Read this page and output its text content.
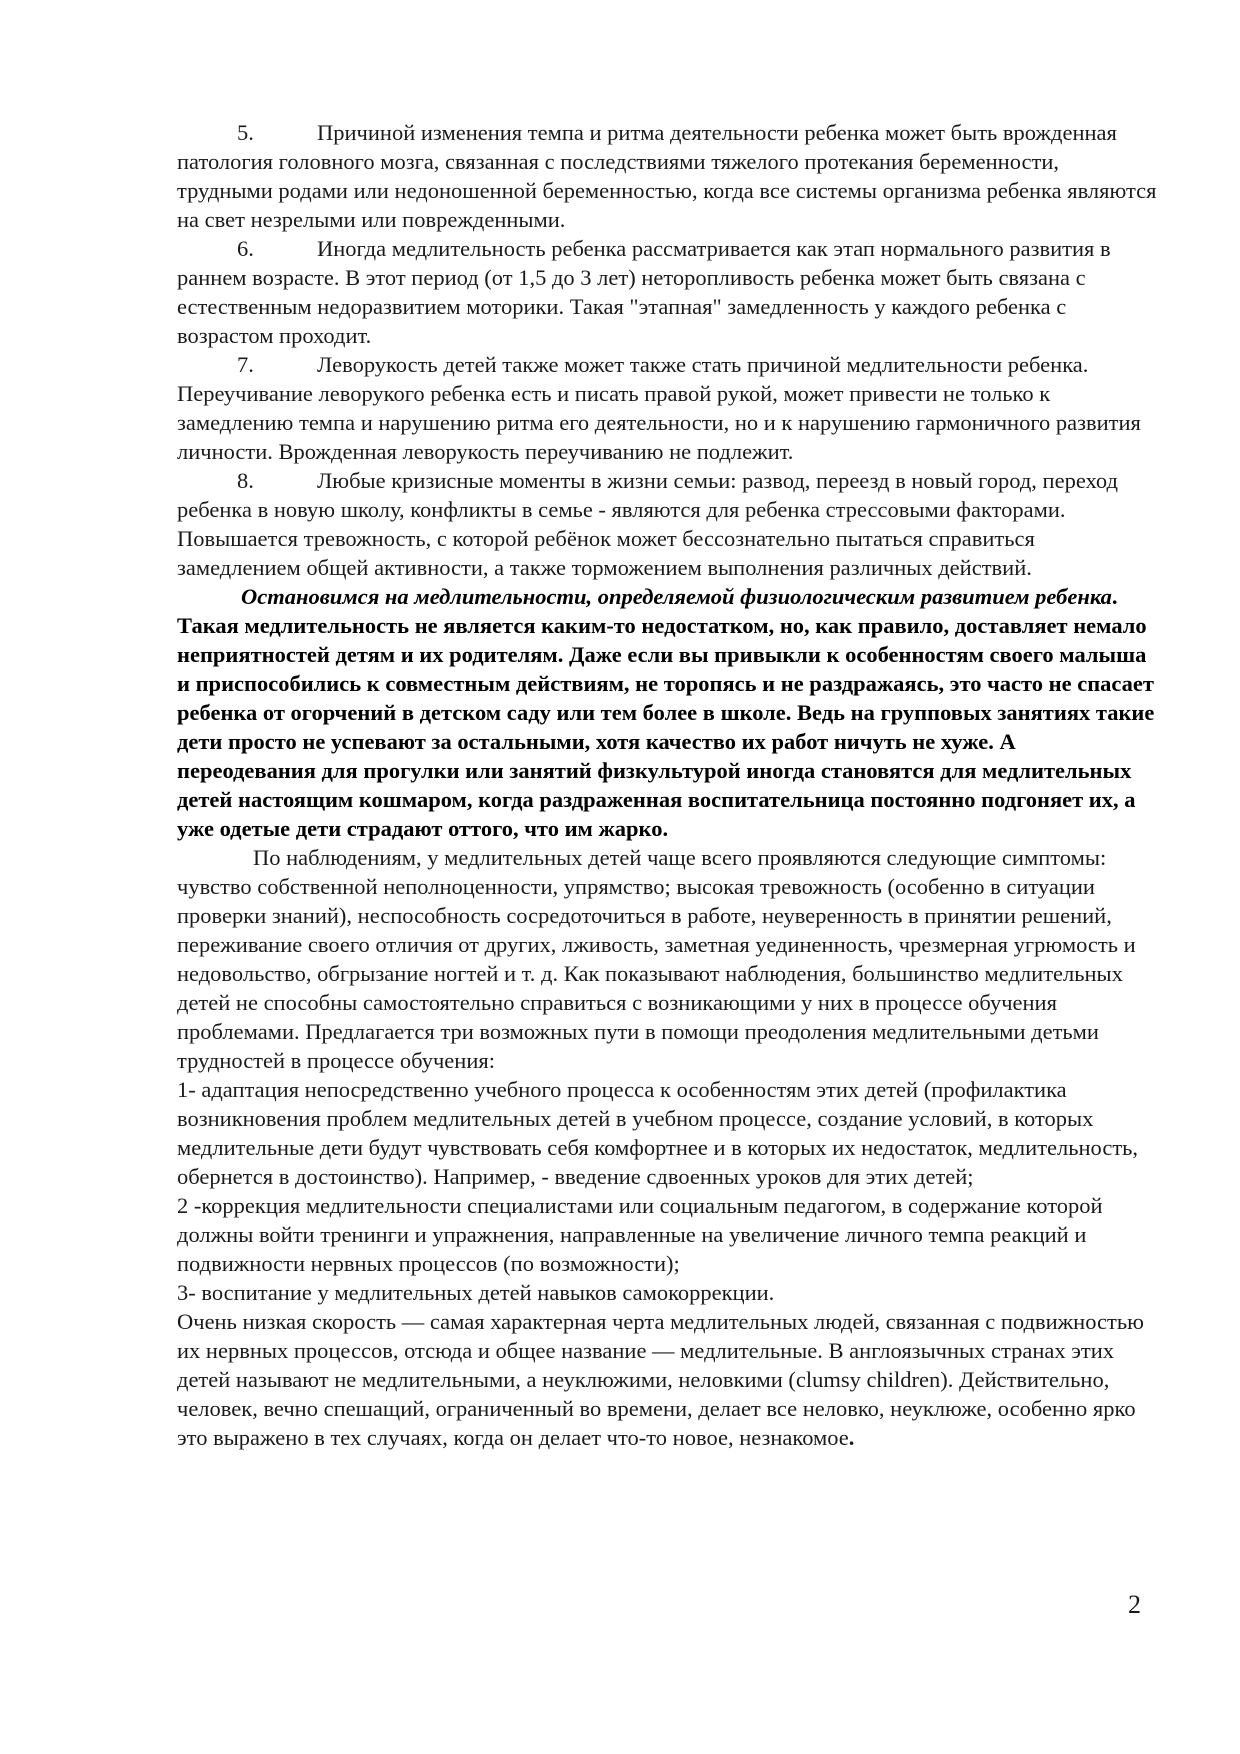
5.	Причиной изменения темпа и ритма деятельности ребенка может быть врожденная патология головного мозга, связанная с последствиями тяжелого протекания беременности, трудными родами или недоношенной беременностью, когда все системы организма ребенка являются на свет незрелыми или поврежденными.

6.	Иногда медлительность ребенка рассматривается как этап нормального развития в раннем возрасте. В этот период (от 1,5 до 3 лет) неторопливость ребенка может быть связана с естественным недоразвитием моторики. Такая "этапная" замедленность у каждого ребенка с возрастом проходит.

7.	Леворукость детей также может также стать причиной медлительности ребенка. Переучивание леворукого ребенка есть и писать правой рукой, может привести не только к замедлению темпа и нарушению ритма его деятельности, но и к нарушению гармоничного развития личности. Врожденная леворукость переучиванию не подлежит.

8.	Любые кризисные моменты в жизни семьи: развод, переезд в новый город, переход ребенка в новую школу, конфликты в семье - являются для ребенка стрессовыми факторами. Повышается тревожность, с которой ребёнок может бессознательно пытаться справиться замедлением общей активности, а также торможением выполнения различных действий.

Остановимся на медлительности, определяемой физиологическим развитием ребенка. Такая медлительность не является каким-то недостатком, но, как правило, доставляет немало неприятностей детям и их родителям. Даже если вы привыкли к особенностям своего малыша и приспособились к совместным действиям, не торопясь и не раздражаясь, это часто не спасает ребенка от огорчений в детском саду или тем более в школе. Ведь на групповых занятиях такие дети просто не успевают за остальными, хотя качество их работ ничуть не хуже. А переодевания для прогулки или занятий физкультурой иногда становятся для медлительных детей настоящим кошмаром, когда раздраженная воспитательница постоянно подгоняет их, а уже одетые дети страдают оттого, что им жарко.

По наблюдениям, у медлительных детей чаще всего проявляются следующие симптомы: чувство собственной неполноценности, упрямство; высокая тревожность (особенно в ситуации проверки знаний), неспособность сосредоточиться в работе, неуверенность в принятии решений, переживание своего отличия от других, лживость, заметная уединенность, чрезмерная угрюмость и недовольство, обгрызание ногтей и т. д. Как показывают наблюдения, большинство медлительных детей не способны самостоятельно справиться с возникающими у них в процессе обучения проблемами. Предлагается три возможных пути в помощи преодоления медлительными детьми трудностей в процессе обучения:

1- адаптация непосредственно учебного процесса к особенностям этих детей (профилактика возникновения проблем медлительных детей в учебном процессе, создание условий, в которых медлительные дети будут чувствовать себя комфортнее и в которых их недостаток, медлительность, обернется в достоинство). Например, - введение сдвоенных уроков для этих детей;

2 -коррекция медлительности специалистами или социальным педагогом, в содержание которой должны войти тренинги и упражнения, направленные на увеличение личного темпа реакций и подвижности нервных процессов (по возможности);

3- воспитание у медлительных детей навыков самокоррекции.

Очень низкая скорость — самая характерная черта медлительных людей, связанная с подвижностью их нервных процессов, отсюда и общее название — медлительные. В англоязычных странах этих детей называют не медлительными, а неуклюжими, неловкими (clumsy children). Действительно, человек, вечно спешащий, ограниченный во времени, делает все неловко, неуклюже, особенно ярко это выражено в тех случаях, когда он делает что-то новое, незнакомое.

2
